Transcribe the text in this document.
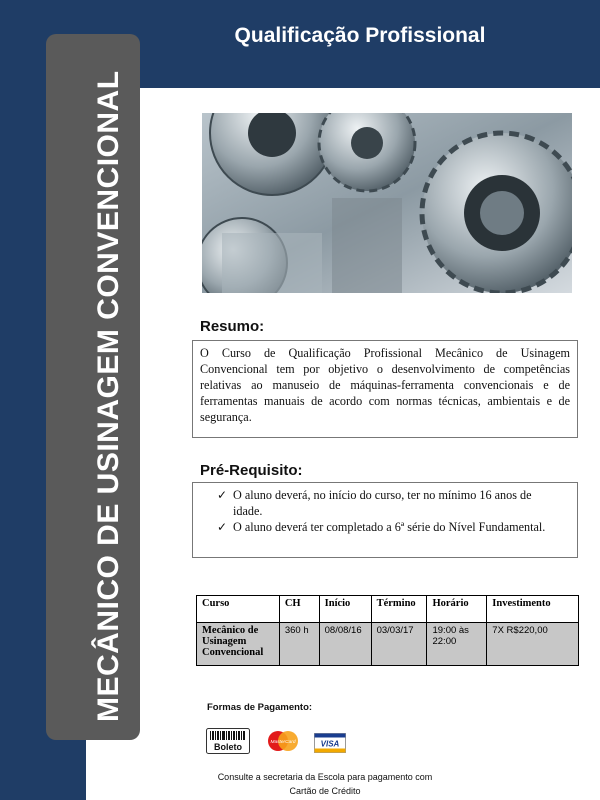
Qualificação Profissional
MECÂNICO DE USINAGEM CONVENCIONAL	Resumo:
O Curso de Qualificação Profissional Mecânico de Usinagem Convencional tem por objetivo o desenvolvimento de competências relativas ao manuseio de máquinas-ferramenta convencionais e de ferramentas manuais de acordo com normas técnicas, ambientais e de segurança.
Pré-Requisito:
✓ O aluno deverá, no início do curso, ter no mínimo 16 anos de idade.
✓ O aluno deverá ter completado a 6ª série do Nível Fundamental.
Curso	CH	Início	Término	Horário	Investimento
Mecânico de Usinagem Convencional	360 h	08/08/16	03/03/17	19:00 às 22:00	7X R$220,00
Formas de Pagamento:
Boleto	MasterCard	VISA
Consulte a secretaria da Escola para pagamento com
Cartão de Crédito
